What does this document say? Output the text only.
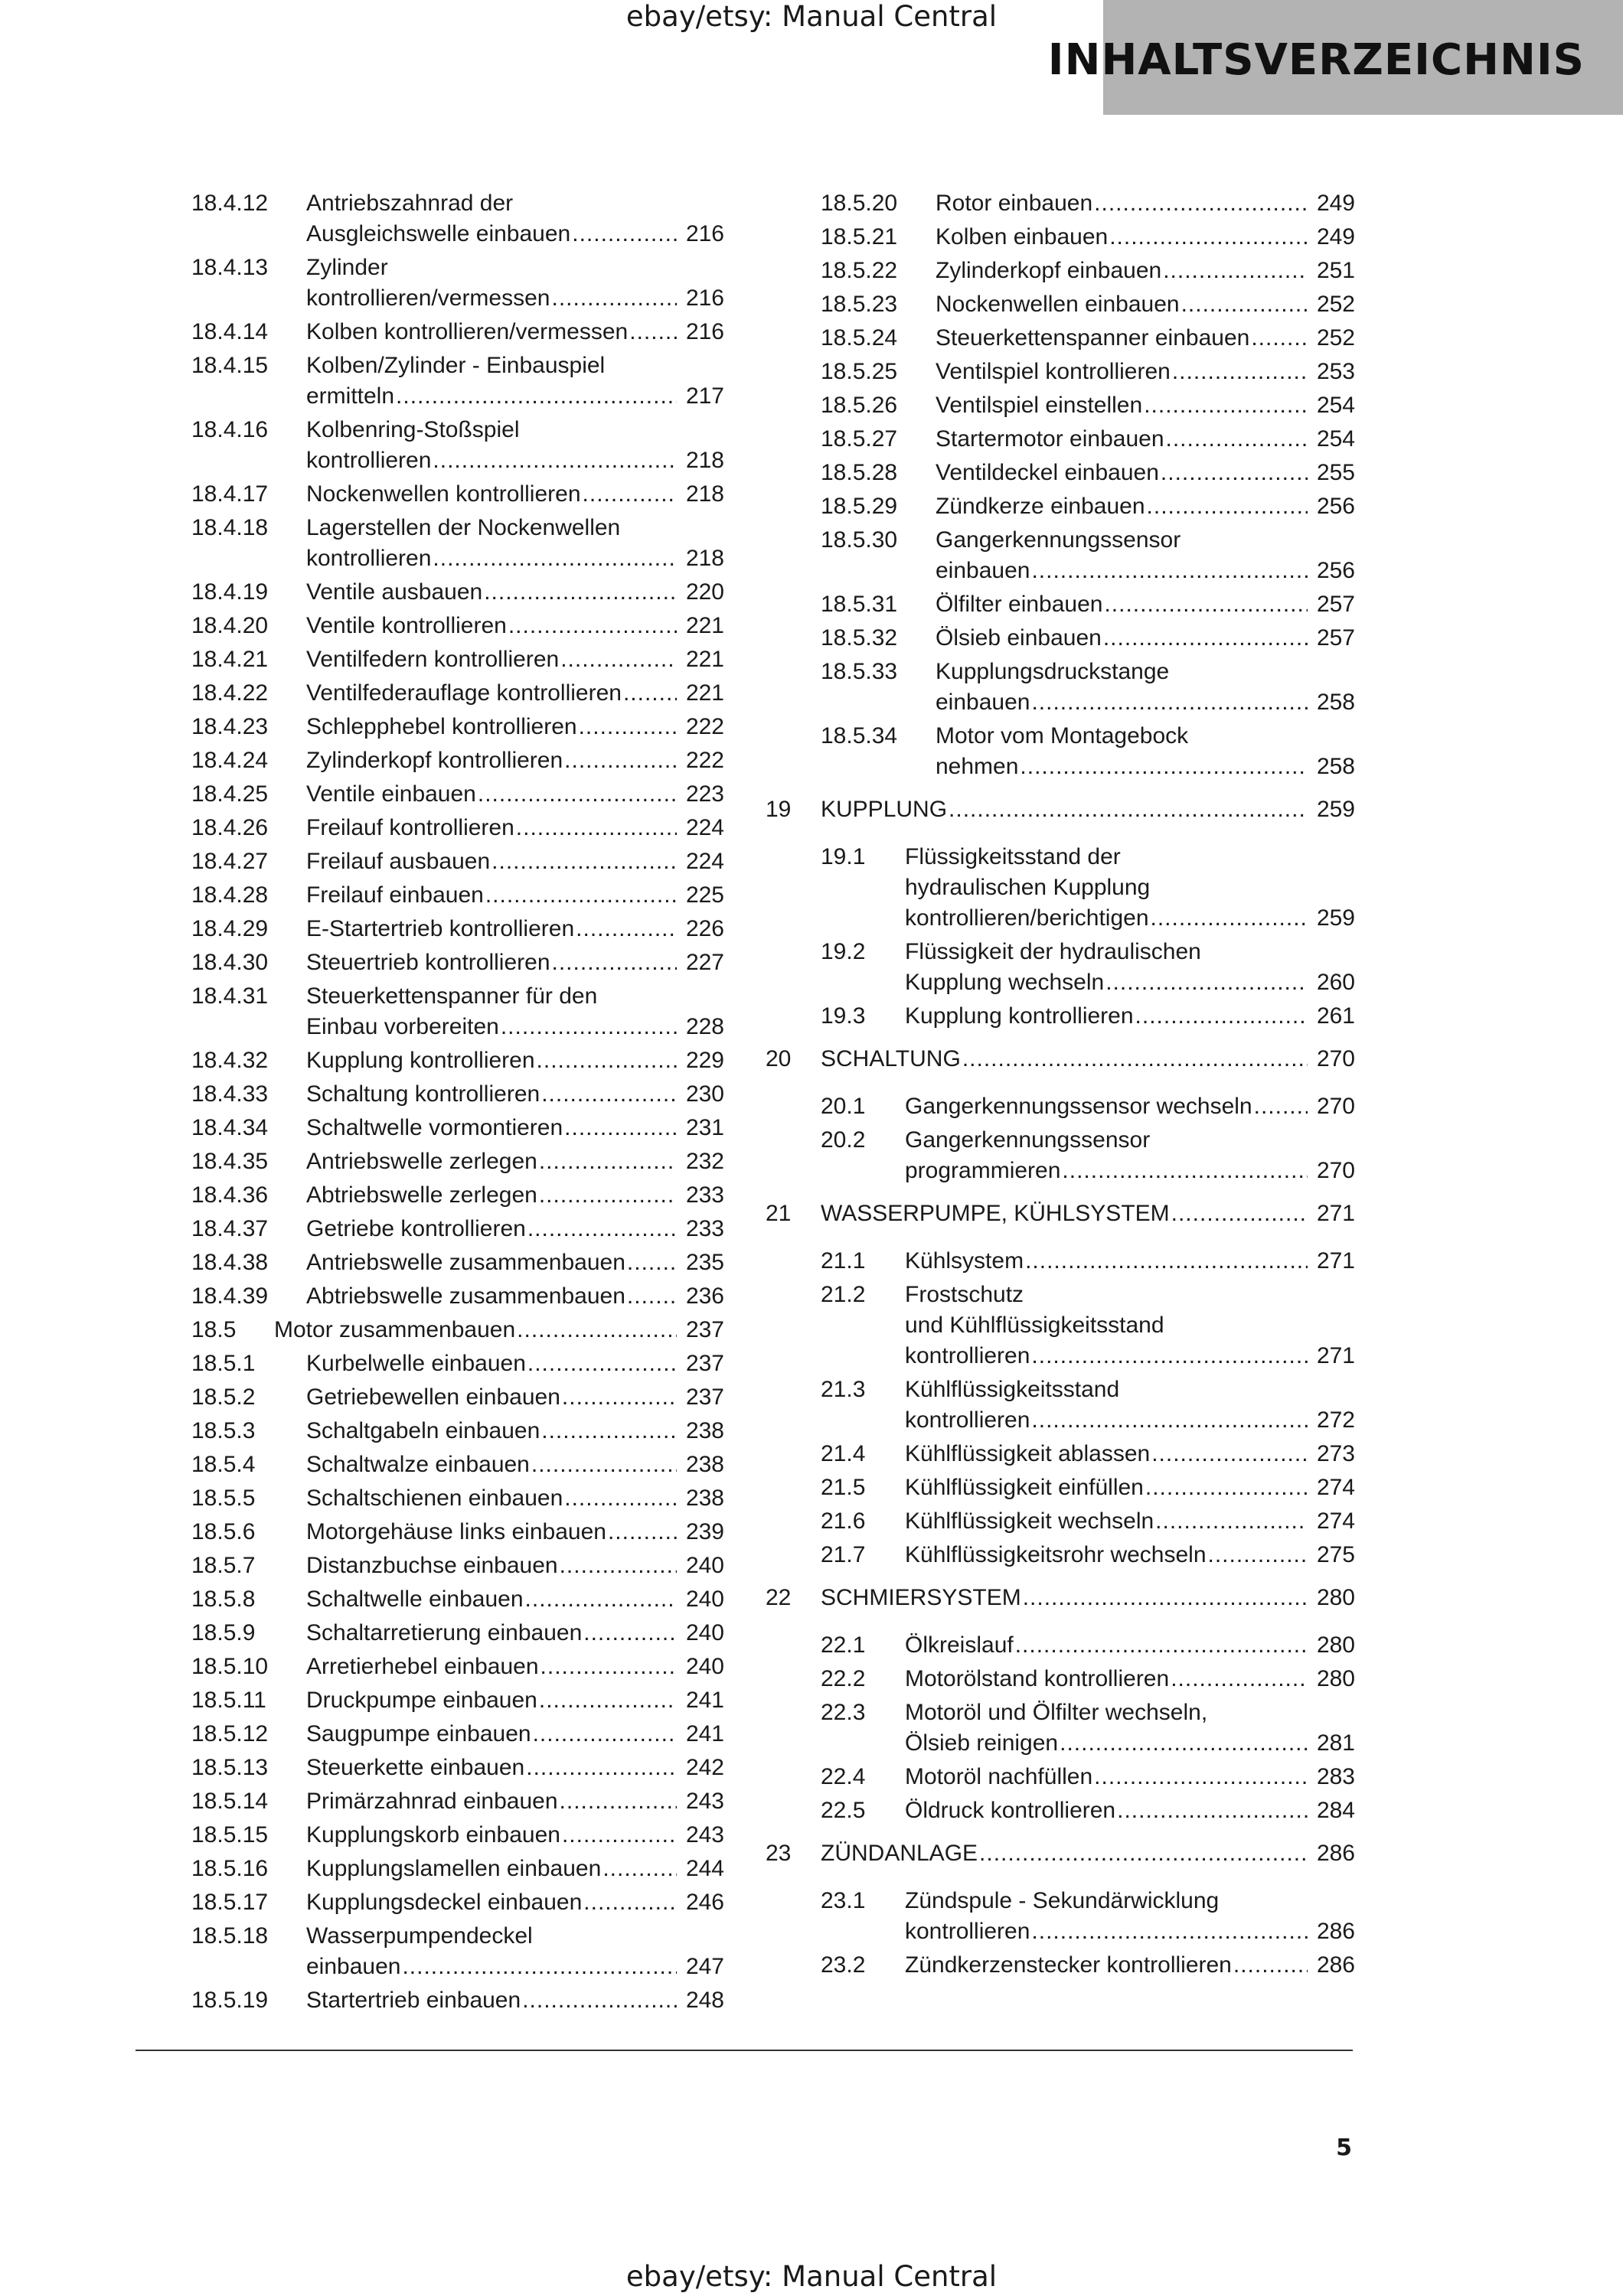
ebay/etsy: Manual Central
INHALTSVERZEICHNIS
18.4.12 Antriebszahnrad der
Ausgleichswelle einbauen .....	216
18.4.13 Zylinder
kontrollieren/vermessen .....	216
18.4.14 Kolben kontrollieren/vermessen .....	216
18.4.15 Kolben/Zylinder - Einbauspiel
ermitteln .....	217
18.4.16 Kolbenring-Stoßspiel
kontrollieren .....	218
18.4.17 Nockenwellen kontrollieren .....	218
18.4.18 Lagerstellen der Nockenwellen
kontrollieren .....	218
18.4.19 Ventile ausbauen .....	220
18.4.20 Ventile kontrollieren .....	221
18.4.21 Ventilfedern kontrollieren .....	221
18.4.22 Ventilfederauflage kontrollieren .....	221
18.4.23 Schlepphebel kontrollieren .....	222
18.4.24 Zylinderkopf kontrollieren .....	222
18.4.25 Ventile einbauen .....	223
18.4.26 Freilauf kontrollieren .....	224
18.4.27 Freilauf ausbauen .....	224
18.4.28 Freilauf einbauen .....	225
18.4.29 E-Startertrieb kontrollieren .....	226
18.4.30 Steuertrieb kontrollieren .....	227
18.4.31 Steuerkettenspanner für den
Einbau vorbereiten .....	228
18.4.32 Kupplung kontrollieren .....	229
18.4.33 Schaltung kontrollieren .....	230
18.4.34 Schaltwelle vormontieren .....	231
18.4.35 Antriebswelle zerlegen .....	232
18.4.36 Abtriebswelle zerlegen .....	233
18.4.37 Getriebe kontrollieren .....	233
18.4.38 Antriebswelle zusammenbauen .....	235
18.4.39 Abtriebswelle zusammenbauen .....	236
18.5 Motor zusammenbauen .....	237
18.5.1 Kurbelwelle einbauen .....	237
18.5.2 Getriebewellen einbauen .....	237
18.5.3 Schaltgabeln einbauen .....	238
18.5.4 Schaltwalze einbauen .....	238
18.5.5 Schaltschienen einbauen .....	238
18.5.6 Motorgehäuse links einbauen .....	239
18.5.7 Distanzbuchse einbauen .....	240
18.5.8 Schaltwelle einbauen .....	240
18.5.9 Schaltarretierung einbauen .....	240
18.5.10 Arretierhebel einbauen .....	240
18.5.11 Druckpumpe einbauen .....	241
18.5.12 Saugpumpe einbauen .....	241
18.5.13 Steuerkette einbauen .....	242
18.5.14 Primärzahnrad einbauen .....	243
18.5.15 Kupplungskorb einbauen .....	243
18.5.16 Kupplungslamellen einbauen .....	244
18.5.17 Kupplungsdeckel einbauen .....	246
18.5.18 Wasserpumpendeckel
einbauen .....	247
18.5.19 Startertrieb einbauen .....	248
18.5.20 Rotor einbauen .....	249
18.5.21 Kolben einbauen .....	249
18.5.22 Zylinderkopf einbauen .....	251
18.5.23 Nockenwellen einbauen .....	252
18.5.24 Steuerkettenspanner einbauen .....	252
18.5.25 Ventilspiel kontrollieren .....	253
18.5.26 Ventilspiel einstellen .....	254
18.5.27 Startermotor einbauen .....	254
18.5.28 Ventildeckel einbauen .....	255
18.5.29 Zündkerze einbauen .....	256
18.5.30 Gangerkennungssensor
einbauen .....	256
18.5.31 Ölfilter einbauen .....	257
18.5.32 Ölsieb einbauen .....	257
18.5.33 Kupplungsdruckstange
einbauen .....	258
18.5.34 Motor vom Montagebock
nehmen .....	258
19 KUPPLUNG .....	259
19.1 Flüssigkeitsstand der
hydraulischen Kupplung
kontrollieren/berichtigen .....	259
19.2 Flüssigkeit der hydraulischen
Kupplung wechseln .....	260
19.3 Kupplung kontrollieren .....	261
20 SCHALTUNG .....	270
20.1 Gangerkennungssensor wechseln .....	270
20.2 Gangerkennungssensor
programmieren .....	270
21 WASSERPUMPE, KÜHLSYSTEM .....	271
21.1 Kühlsystem .....	271
21.2 Frostschutz
und Kühlflüssigkeitsstand
kontrollieren .....	271
21.3 Kühlflüssigkeitsstand
kontrollieren .....	272
21.4 Kühlflüssigkeit ablassen .....	273
21.5 Kühlflüssigkeit einfüllen .....	274
21.6 Kühlflüssigkeit wechseln .....	274
21.7 Kühlflüssigkeitsrohr wechseln .....	275
22 SCHMIERSYSTEM .....	280
22.1 Ölkreislauf .....	280
22.2 Motorölstand kontrollieren .....	280
22.3 Motoröl und Ölfilter wechseln,
Ölsieb reinigen .....	281
22.4 Motoröl nachfüllen .....	283
22.5 Öldruck kontrollieren .....	284
23 ZÜNDANLAGE .....	286
23.1 Zündspule - Sekundärwicklung
kontrollieren .....	286
23.2 Zündkerzenstecker kontrollieren .....	286
5
ebay/etsy: Manual Central
